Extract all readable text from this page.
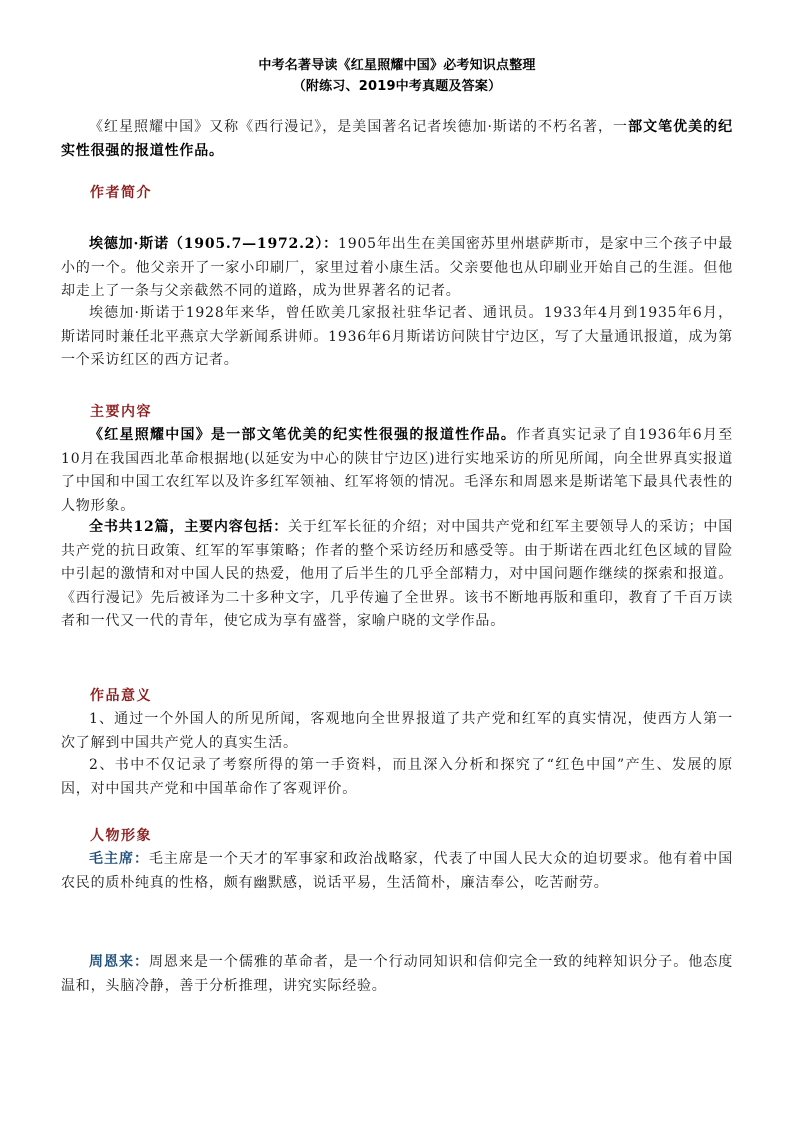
中考名著导读《红星照耀中国》必考知识点整理
（附练习、2019中考真题及答案）

《红星照耀中国》又称《西行漫记》，是美国著名记者埃德加·斯诺的不朽名著，一部文笔优美的纪实性很强的报道性作品。

作者简介

埃德加·斯诺（1905.7—1972.2）：1905年出生在美国密苏里州堪萨斯市，是家中三个孩子中最小的一个。他父亲开了一家小印刷厂，家里过着小康生活。父亲要他也从印刷业开始自己的生涯。但他却走上了一条与父亲截然不同的道路，成为世界著名的记者。

埃德加·斯诺于1928年来华，曾任欧美几家报社驻华记者、通讯员。1933年4月到1935年6月，斯诺同时兼任北平燕京大学新闻系讲师。1936年6月斯诺访问陕甘宁边区，写了大量通讯报道，成为第一个采访红区的西方记者。

主要内容

《红星照耀中国》是一部文笔优美的纪实性很强的报道性作品。作者真实记录了自1936年6月至10月在我国西北革命根据地(以延安为中心的陕甘宁边区)进行实地采访的所见所闻，向全世界真实报道了中国和中国工农红军以及许多红军领袖、红军将领的情况。毛泽东和周恩来是斯诺笔下最具代表性的人物形象。

全书共12篇，主要内容包括：关于红军长征的介绍；对中国共产党和红军主要领导人的采访；中国共产党的抗日政策、红军的军事策略；作者的整个采访经历和感受等。由于斯诺在西北红色区域的冒险中引起的激情和对中国人民的热爱，他用了后半生的几乎全部精力，对中国问题作继续的探索和报道。《西行漫记》先后被译为二十多种文字，几乎传遍了全世界。该书不断地再版和重印，教育了千百万读者和一代又一代的青年，使它成为享有盛誉，家喻户晓的文学作品。

作品意义

1、通过一个外国人的所见所闻，客观地向全世界报道了共产党和红军的真实情况，使西方人第一次了解到中国共产党人的真实生活。

2、书中不仅记录了考察所得的第一手资料，而且深入分析和探究了“红色中国”产生、发展的原因，对中国共产党和中国革命作了客观评价。

人物形象

毛主席：毛主席是一个天才的军事家和政治战略家，代表了中国人民大众的迫切要求。他有着中国农民的质朴纯真的性格，颇有幽默感，说话平易，生活简朴，廉洁奉公，吃苦耐劳。

周恩来：周恩来是一个儒雅的革命者，是一个行动同知识和信仰完全一致的纯粹知识分子。他态度温和，头脑冷静，善于分析推理，讲究实际经验。
